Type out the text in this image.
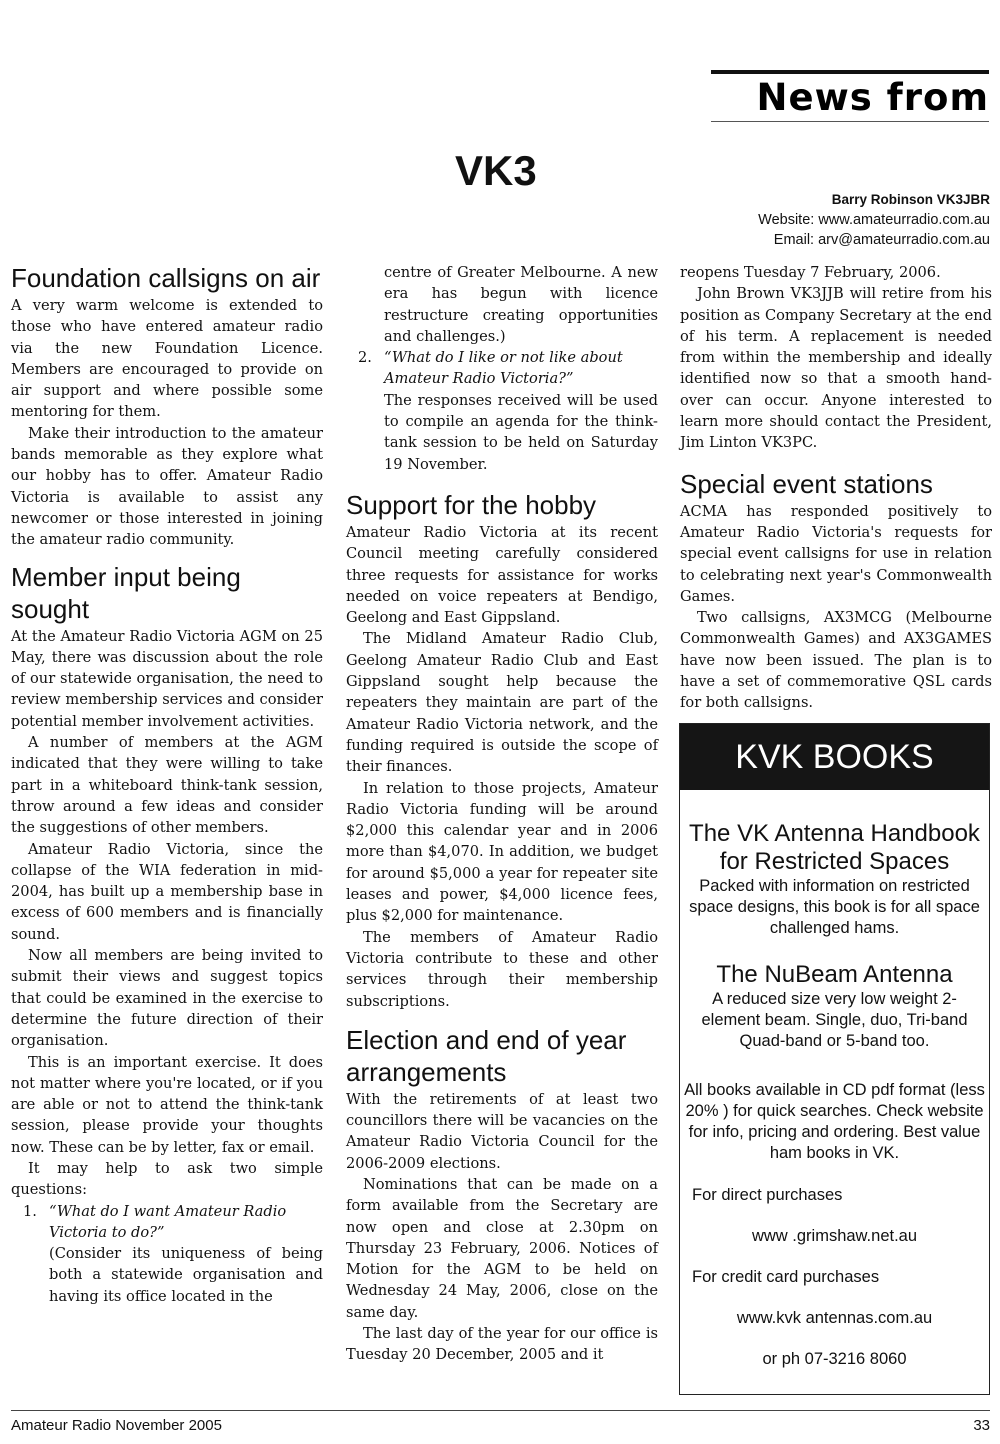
News from
VK3
Barry Robinson VK3JBR
Website: www.amateurradio.com.au
Email: arv@amateurradio.com.au
Foundation callsigns on air

A very warm welcome is extended to those who have entered amateur radio via the new Foundation Licence. Members are encouraged to provide on air support and where possible some mentoring for them.

Make their introduction to the amateur bands memorable as they explore what our hobby has to offer. Amateur Radio Victoria is available to assist any newcomer or those interested in joining the amateur radio community.

Member input being sought

At the Amateur Radio Victoria AGM on 25 May, there was discussion about the role of our statewide organisation, the need to review membership services and consider potential member involvement activities.

A number of members at the AGM indicated that they were willing to take part in a whiteboard think-tank session, throw around a few ideas and consider the suggestions of other members.

Amateur Radio Victoria, since the collapse of the WIA federation in mid-2004, has built up a membership base in excess of 600 members and is financially sound.

Now all members are being invited to submit their views and suggest topics that could be examined in the exercise to determine the future direction of their organisation.

This is an important exercise. It does not matter where you're located, or if you are able or not to attend the think-tank session, please provide your thoughts now. These can be by letter, fax or email.

It may help to ask two simple questions:

1. “What do I want Amateur Radio Victoria to do?”

(Consider its uniqueness of being both a statewide organisation and having its office located in the

centre of Greater Melbourne. A new era has begun with licence restructure creating opportunities and challenges.)

2. “What do I like or not like about Amateur Radio Victoria?”

The responses received will be used to compile an agenda for the think-tank session to be held on Saturday 19 November.

Support for the hobby

Amateur Radio Victoria at its recent Council meeting carefully considered three requests for assistance for works needed on voice repeaters at Bendigo, Geelong and East Gippsland.

The Midland Amateur Radio Club, Geelong Amateur Radio Club and East Gippsland sought help because the repeaters they maintain are part of the Amateur Radio Victoria network, and the funding required is outside the scope of their finances.

In relation to those projects, Amateur Radio Victoria funding will be around $2,000 this calendar year and in 2006 more than $4,070. In addition, we budget for around $5,000 a year for repeater site leases and power, $4,000 licence fees, plus $2,000 for maintenance.

The members of Amateur Radio Victoria contribute to these and other services through their membership subscriptions.

Election and end of year arrangements

With the retirements of at least two councillors there will be vacancies on the Amateur Radio Victoria Council for the 2006-2009 elections.

Nominations that can be made on a form available from the Secretary are now open and close at 2.30pm on Thursday 23 February, 2006. Notices of Motion for the AGM to be held on Wednesday 24 May, 2006, close on the same day.

The last day of the year for our office is Tuesday 20 December, 2005 and it

reopens Tuesday 7 February, 2006.

John Brown VK3JJB will retire from his position as Company Secretary at the end of his term. A replacement is needed from within the membership and ideally identified now so that a smooth hand-over can occur. Anyone interested to learn more should contact the President, Jim Linton VK3PC.

Special event stations

ACMA has responded positively to Amateur Radio Victoria's requests for special event callsigns for use in relation to celebrating next year's Commonwealth Games.

Two callsigns, AX3MCG (Melbourne Commonwealth Games) and AX3GAMES have now been issued. The plan is to have a set of commemorative QSL cards for both callsigns.

KVK BOOKS
The VK Antenna Handbook for Restricted Spaces
Packed with information on restricted space designs, this book is for all space challenged hams.
The NuBeam Antenna
A reduced size very low weight 2-element beam. Single, duo, Tri-band Quad-band or 5-band too.
All books available in CD pdf format (less 20% ) for quick searches. Check website for info, pricing and ordering. Best value ham books in VK.
For direct purchases
www .grimshaw.net.au
For credit card purchases
www.kvk antennas.com.au
or ph 07-3216 8060
Amateur Radio November 2005	33
